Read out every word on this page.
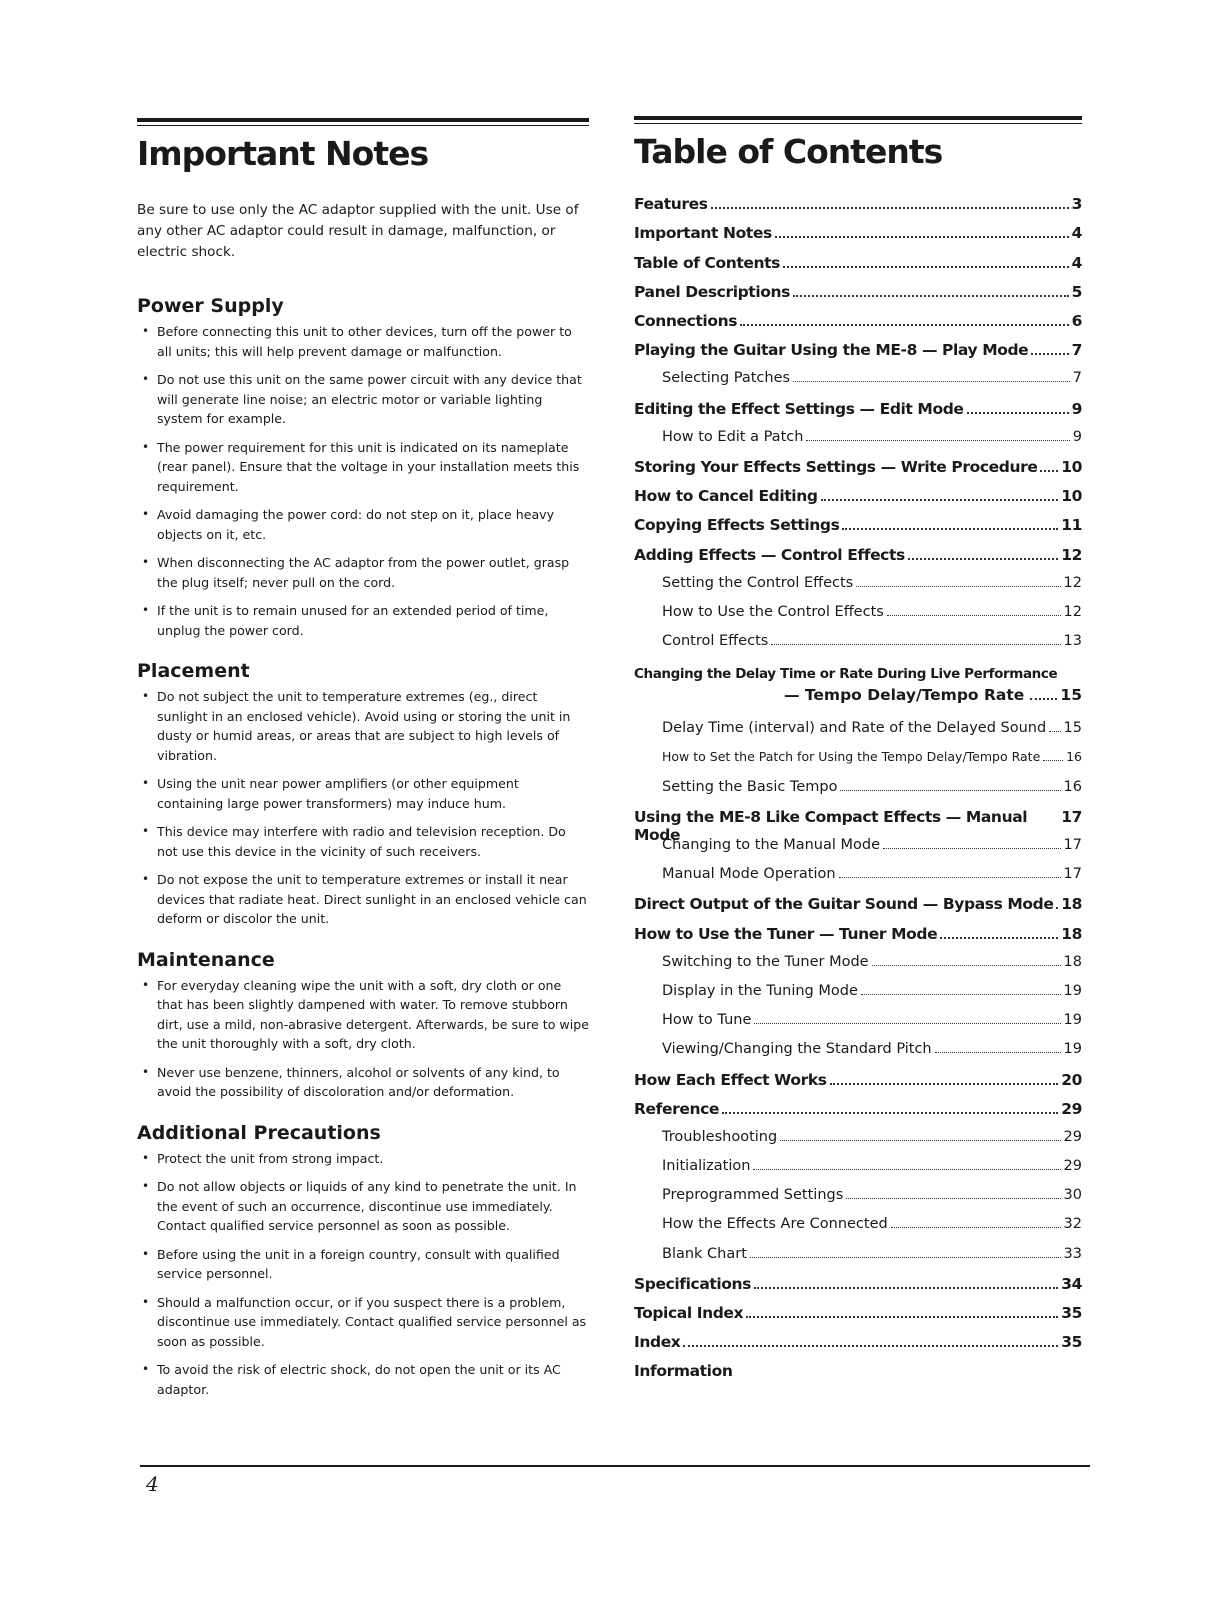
Important Notes

Be sure to use only the AC adaptor supplied with the unit. Use of any other AC adaptor could result in damage, malfunction, or electric shock.

Power Supply
• Before connecting this unit to other devices, turn off the power to all units; this will help prevent damage or malfunction.
• Do not use this unit on the same power circuit with any device that will generate line noise; an electric motor or variable lighting system for example.
• The power requirement for this unit is indicated on its nameplate (rear panel). Ensure that the voltage in your installation meets this requirement.
• Avoid damaging the power cord: do not step on it, place heavy objects on it, etc.
• When disconnecting the AC adaptor from the power outlet, grasp the plug itself; never pull on the cord.
• If the unit is to remain unused for an extended period of time, unplug the power cord.
Placement
• Do not subject the unit to temperature extremes (eg., direct sunlight in an enclosed vehicle). Avoid using or storing the unit in dusty or humid areas, or areas that are subject to high levels of vibration.
• Using the unit near power amplifiers (or other equipment containing large power transformers) may induce hum.
• This device may interfere with radio and television reception. Do not use this device in the vicinity of such receivers.
• Do not expose the unit to temperature extremes or install it near devices that radiate heat. Direct sunlight in an enclosed vehicle can deform or discolor the unit.
Maintenance
• For everyday cleaning wipe the unit with a soft, dry cloth or one that has been slightly dampened with water. To remove stubborn dirt, use a mild, non-abrasive detergent. Afterwards, be sure to wipe the unit thoroughly with a soft, dry cloth.
• Never use benzene, thinners, alcohol or solvents of any kind, to avoid the possibility of discoloration and/or deformation.
Additional Precautions
• Protect the unit from strong impact.
• Do not allow objects or liquids of any kind to penetrate the unit. In the event of such an occurrence, discontinue use immediately. Contact qualified service personnel as soon as possible.
• Before using the unit in a foreign country, consult with qualified service personnel.
• Should a malfunction occur, or if you suspect there is a problem, discontinue use immediately. Contact qualified service personnel as soon as possible.
• To avoid the risk of electric shock, do not open the unit or its AC adaptor.
Table of Contents
Features	3
Important Notes	4
Table of Contents	4
Panel Descriptions	5
Connections	6
Playing the Guitar Using the ME-8 — Play Mode	7
Selecting Patches	7
Editing the Effect Settings — Edit Mode	9
How to Edit a Patch	9
Storing Your Effects Settings — Write Procedure 10
How to Cancel Editing	10
Copying Effects Settings	11
Adding Effects — Control Effects	12
Setting the Control Effects	12
How to Use the Control Effects	12
Control Effects	13
Changing the Delay Time or Rate During Live Performance
— Tempo Delay/Tempo Rate 15
Delay Time (interval) and Rate of the Delayed Sound 15
How to Set the Patch for Using the Tempo Delay/Tempo Rate 16
Setting the Basic Tempo	16
Using the ME-8 Like Compact Effects — Manual Mode
17
Changing to the Manual Mode	17
Manual Mode Operation	17
Direct Output of the Guitar Sound — Bypass Mode 18
How to Use the Tuner — Tuner Mode	18
Switching to the Tuner Mode	18
Display in the Tuning Mode	19
How to Tune	19
Viewing/Changing the Standard Pitch	19
How Each Effect Works	20
Reference	29
Troubleshooting	29
Initialization	29
Preprogrammed Settings	30
How the Effects Are Connected	32
Blank Chart	33
Specifications	34
Topical Index	35
Index	35
Information
4
